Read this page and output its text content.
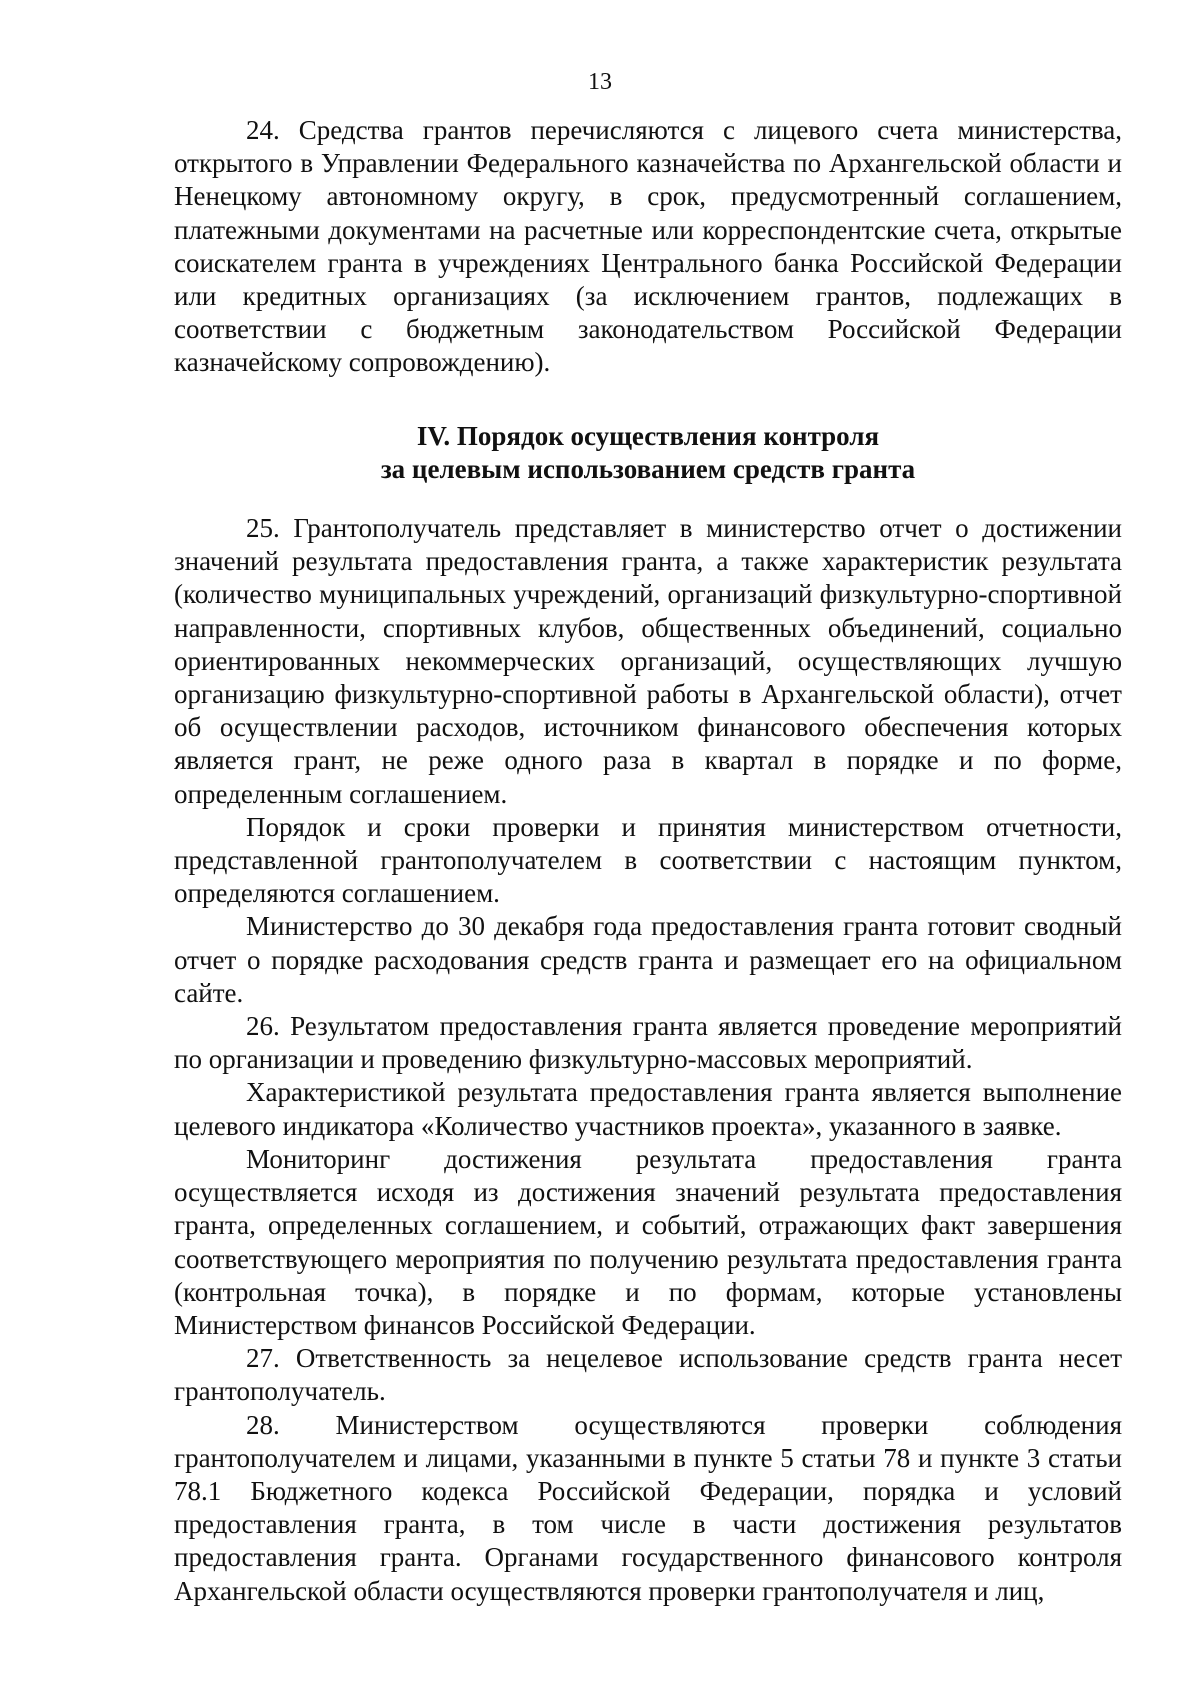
13

24. Средства грантов перечисляются с лицевого счета министерства, открытого в Управлении Федерального казначейства по Архангельской области и Ненецкому автономному округу, в срок, предусмотренный соглашением, платежными документами на расчетные или корреспондентские счета, открытые соискателем гранта в учреждениях Центрального банка Российской Федерации или кредитных организациях (за исключением грантов, подлежащих в соответствии с бюджетным законодательством Российской Федерации казначейскому сопровождению).

IV. Порядок осуществления контроля
за целевым использованием средств гранта

25. Грантополучатель представляет в министерство отчет о достижении значений результата предоставления гранта, а также характеристик результата (количество муниципальных учреждений, организаций физкультурно-спортивной направленности, спортивных клубов, общественных объединений, социально ориентированных некоммерческих организаций, осуществляющих лучшую организацию физкультурно-спортивной работы в Архангельской области), отчет об осуществлении расходов, источником финансового обеспечения которых является грант, не реже одного раза в квартал в порядке и по форме, определенным соглашением.

Порядок и сроки проверки и принятия министерством отчетности, представленной грантополучателем в соответствии с настоящим пунктом, определяются соглашением.

Министерство до 30 декабря года предоставления гранта готовит сводный отчет о порядке расходования средств гранта и размещает его на официальном сайте.

26. Результатом предоставления гранта является проведение мероприятий по организации и проведению физкультурно-массовых мероприятий.

Характеристикой результата предоставления гранта является выполнение целевого индикатора «Количество участников проекта», указанного в заявке.

Мониторинг достижения результата предоставления гранта осуществляется исходя из достижения значений результата предоставления гранта, определенных соглашением, и событий, отражающих факт завершения соответствующего мероприятия по получению результата предоставления гранта (контрольная точка), в порядке и по формам, которые установлены Министерством финансов Российской Федерации.

27. Ответственность за нецелевое использование средств гранта несет грантополучатель.

28. Министерством осуществляются проверки соблюдения грантополучателем и лицами, указанными в пункте 5 статьи 78 и пункте 3 статьи 78.1 Бюджетного кодекса Российской Федерации, порядка и условий предоставления гранта, в том числе в части достижения результатов предоставления гранта. Органами государственного финансового контроля Архангельской области осуществляются проверки грантополучателя и лиц,
